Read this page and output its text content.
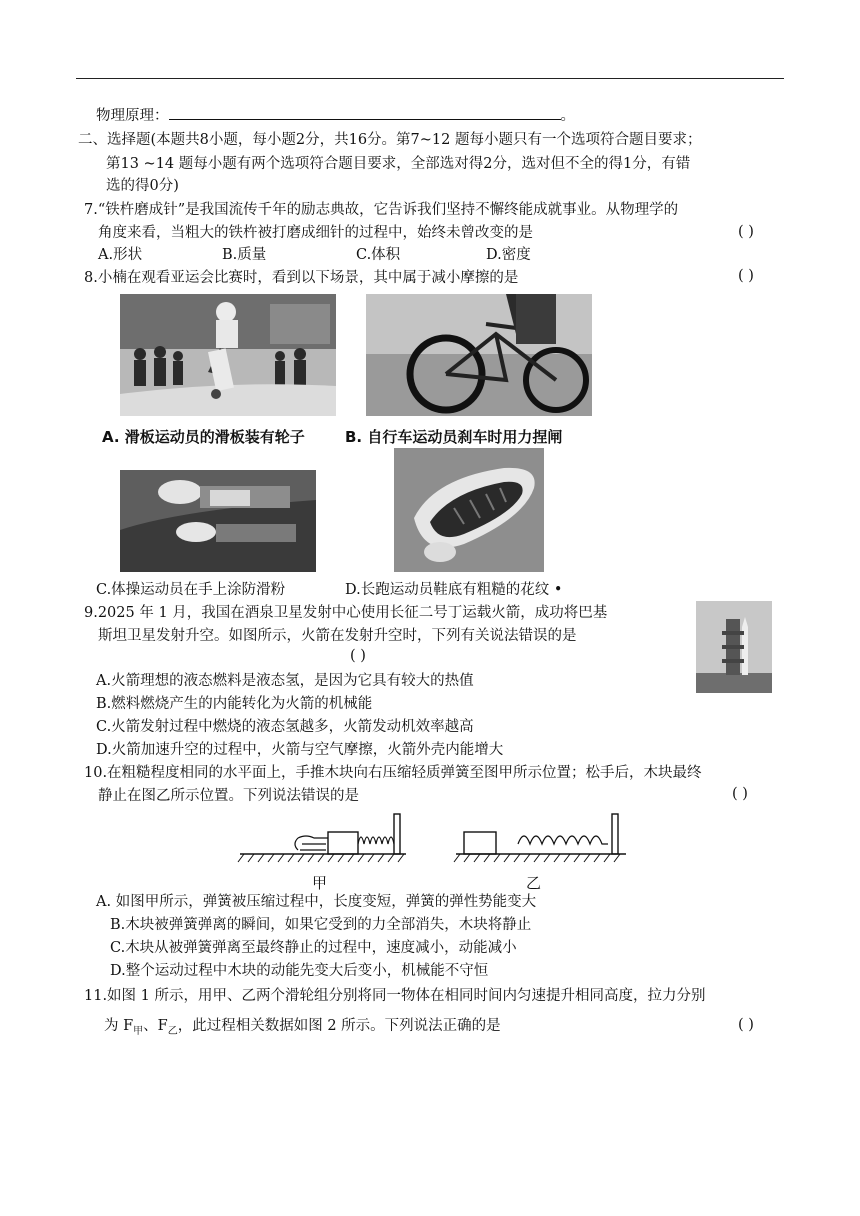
物理原理：	。
二、选择题(本题共8小题，每小题2分，共16分。第7~12 题每小题只有一个选项符合题目要求；
第13 ~14 题每小题有两个选项符合题目要求，全部选对得2分，选对但不全的得1分，有错
选的得0分)
7.“铁杵磨成针”是我国流传千年的励志典故，它告诉我们坚持不懈终能成就事业。从物理学的
角度来看，当粗大的铁杵被打磨成细针的过程中，始终未曾改变的是	( )
A.形状	B.质量	C.体积	D.密度
8.小楠在观看亚运会比赛时，看到以下场景，其中属于减小摩擦的是	( )
A. 滑板运动员的滑板装有轮子	B. 自行车运动员刹车时用力捏闸
C.体操运动员在手上涂防滑粉	D.长跑运动员鞋底有粗糙的花纹 •
9.2025 年 1 月，我国在酒泉卫星发射中心使用长征二号丁运载火箭，成功将巴基
斯坦卫星发射升空。如图所示，火箭在发射升空时，下列有关说法错误的是
( )
A.火箭理想的液态燃料是液态氢，是因为它具有较大的热值
B.燃料燃烧产生的内能转化为火箭的机械能
C.火箭发射过程中燃烧的液态氢越多，火箭发动机效率越高
D.火箭加速升空的过程中，火箭与空气摩擦，火箭外壳内能增大
10.在粗糙程度相同的水平面上，手推木块向右压缩轻质弹簧至图甲所示位置；松手后，木块最终
静止在图乙所示位置。下列说法错误的是	( )
甲	乙
A. 如图甲所示，弹簧被压缩过程中，长度变短，弹簧的弹性势能变大
B.木块被弹簧弹离的瞬间，如果它受到的力全部消失，木块将静止
C.木块从被弹簧弹离至最终静止的过程中，速度减小，动能减小
D.整个运动过程中木块的动能先变大后变小，机械能不守恒
11.如图 1 所示，用甲、乙两个滑轮组分别将同一物体在相同时间内匀速提升相同高度，拉力分别
为 $F_甲$、$F_乙$，此过程相关数据如图 2 所示。下列说法正确的是	( )
